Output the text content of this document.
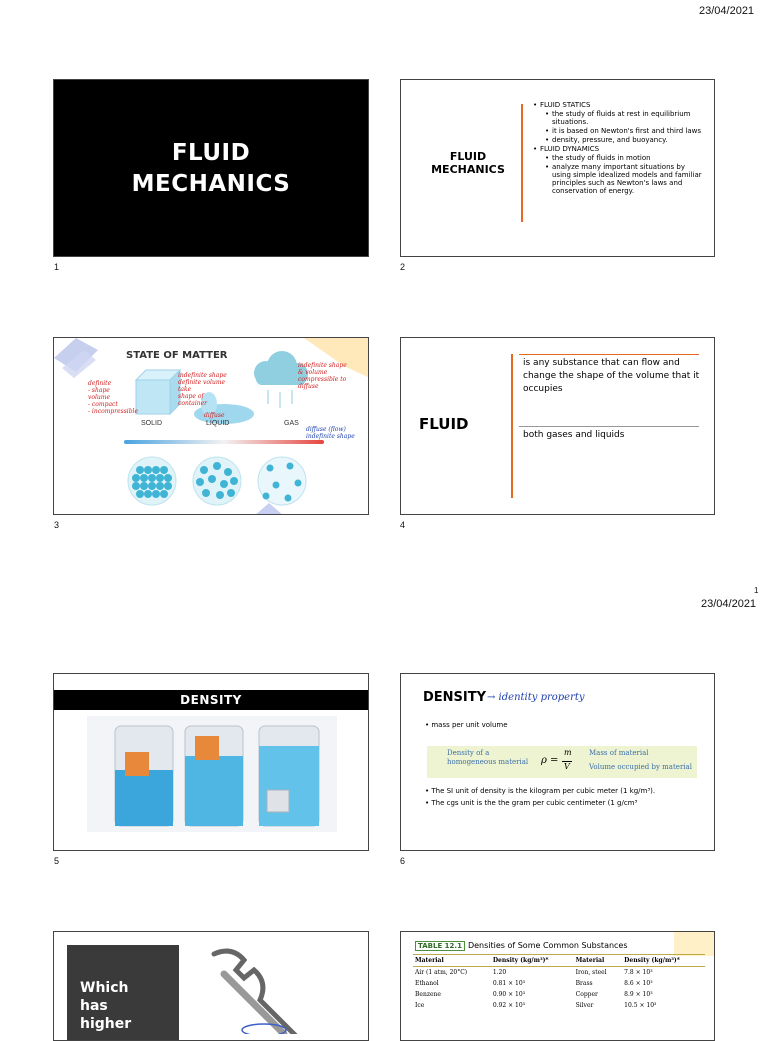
23/04/2021
1
23/04/2021
FLUID
MECHANICS
1
FLUID
MECHANICS
• FLUID STATICS
• the study of fluids at rest in equilibrium situations.
• it is based on Newton's first and third laws
• density, pressure, and buoyancy.
• FLUID DYNAMICS
• the study of fluids in motion
• analyze many important situations by using simple idealized models and familiar principles such as Newton's laws and conservation of energy.
2
STATE OF MATTER
SOLID	LIQUID	GAS
definite
- shape
volume
- compact
- incompressible
indefinite shape
definite volume
take
shape of
container
indefinite shape
& volume
compressible to
diffuse
diffuse
diffuse (flow)
indefinite shape
3
FLUID
is any substance that can flow and change the shape of the volume that it occupies
both gases and liquids
4
DENSITY
5
DENSITY → identity property
• mass per unit volume
Density of a
homogeneous material ρ =
m
V
Mass of material
Volume occupied by material
• The SI unit of density is the kilogram per cubic meter (1 kg/m³).
• The cgs unit is the the gram per cubic centimeter (1 g/cm³
6
Which
has
higher
TABLE 12.1 Densities of Some Common Substances
Material	Density (kg/m³)*	Material	Density (kg/m³)*
Air (1 atm, 20°C)	1.20	Iron, steel	7.8 × 10³
Ethanol	0.81 × 10³	Brass	8.6 × 10³
Benzene	0.90 × 10³	Copper	8.9 × 10³
Ice	0.92 × 10³	Silver	10.5 × 10³
